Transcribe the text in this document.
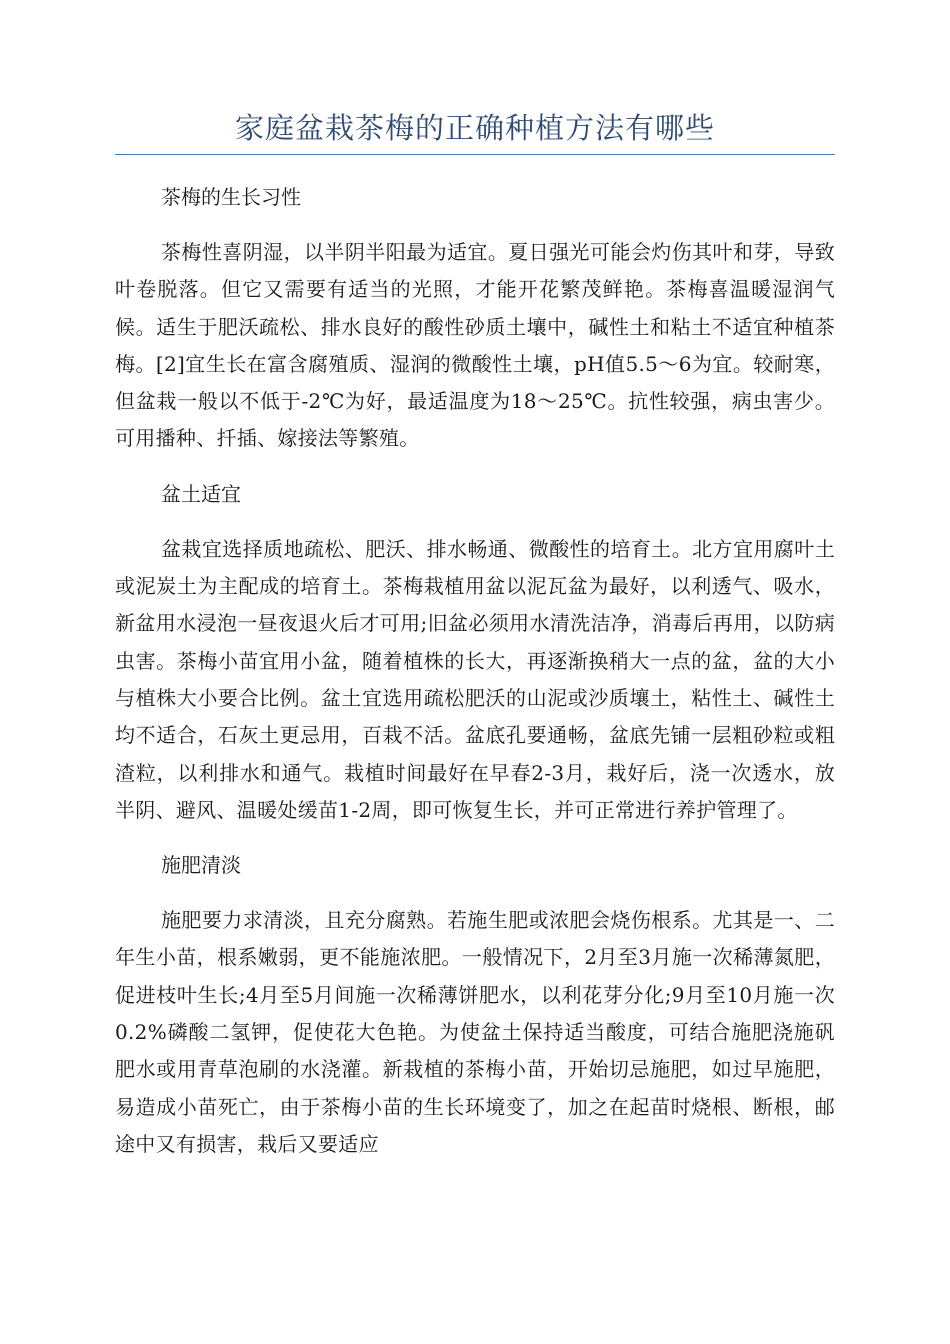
家庭盆栽茶梅的正确种植方法有哪些
茶梅的生长习性

茶梅性喜阴湿，以半阴半阳最为适宜。夏日强光可能会灼伤其叶和芽，导致叶卷脱落。但它又需要有适当的光照，才能开花繁茂鲜艳。茶梅喜温暖湿润气候。适生于肥沃疏松、排水良好的酸性砂质土壤中，碱性土和粘土不适宜种植茶梅。[2]宜生长在富含腐殖质、湿润的微酸性土壤，pH值5.5～6为宜。较耐寒，但盆栽一般以不低于-2℃为好，最适温度为18～25℃。抗性较强，病虫害少。可用播种、扦插、嫁接法等繁殖。

盆土适宜

盆栽宜选择质地疏松、肥沃、排水畅通、微酸性的培育土。北方宜用腐叶土或泥炭土为主配成的培育土。茶梅栽植用盆以泥瓦盆为最好，以利透气、吸水，新盆用水浸泡一昼夜退火后才可用;旧盆必须用水清洗洁净，消毒后再用，以防病虫害。茶梅小苗宜用小盆，随着植株的长大，再逐渐换稍大一点的盆，盆的大小与植株大小要合比例。盆土宜选用疏松肥沃的山泥或沙质壤土，粘性土、碱性土均不适合，石灰土更忌用，百栽不活。盆底孔要通畅，盆底先铺一层粗砂粒或粗渣粒，以利排水和通气。栽植时间最好在早春2-3月，栽好后，浇一次透水，放半阴、避风、温暖处缓苗1-2周，即可恢复生长，并可正常进行养护管理了。

施肥清淡

施肥要力求清淡，且充分腐熟。若施生肥或浓肥会烧伤根系。尤其是一、二年生小苗，根系嫩弱，更不能施浓肥。一般情况下，2月至3月施一次稀薄氮肥，促进枝叶生长;4月至5月间施一次稀薄饼肥水，以利花芽分化;9月至10月施一次0.2%磷酸二氢钾，促使花大色艳。为使盆土保持适当酸度，可结合施肥浇施矾肥水或用青草泡刷的水浇灌。新栽植的茶梅小苗，开始切忌施肥，如过早施肥，易造成小苗死亡，由于茶梅小苗的生长环境变了，加之在起苗时烧根、断根，邮途中又有损害，栽后又要适应
